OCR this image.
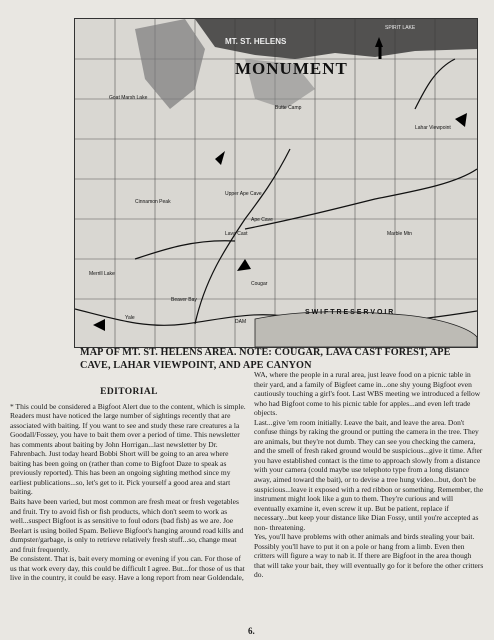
MT. ST. HELENS
MONUMENT
SPIRIT LAKE
Goat Marsh Lake
Butte Camp
Cinnamon Peak
Lava Cast
Upper Ape Cave
Ape Cave
Lahar Viewpoint
Marble Mtn
Beaver Bay
Merrill Lake
Cougar
Yale
DAM
S W I F T R E S E R V O I R
MAP OF MT. ST. HELENS AREA. NOTE: COUGAR, LAVA CAST FOREST, APE CAVE, LAHAR VIEWPOINT, AND APE CANYON
EDITORIAL

* This could be considered a Bigfoot Alert due to the content, which is simple. Readers must have noticed the large number of sightings recently that are associated with baiting. If you want to see and study these rare creatures a la Goodall/Fossey, you have to bait them over a period of time. This newsletter has comments about baiting by John Horrigan...last newsletter by Dr. Fahrenbach. Just today heard Bobbi Short will be going to an area where baiting has been going on (rather than come to Bigfoot Daze to speak as previously reported). This has been an ongoing sighting method since my earliest publications...so, let's get to it. Pick yourself a good area and start baiting.
Baits have been varied, but most common are fresh meat or fresh vegetables and fruit. Try to avoid fish or fish products, which don't seem to work as well...suspect Bigfoot is as sensitive to foul odors (bad fish) as we are. Joe Beelart is using boiled Spam. Believe Bigfoot's hanging around road kills and dumpster/garbage, is only to retrieve relatively fresh stuff...so, change meat and fruit frequently.
Be consistent. That is, bait every morning or evening if you can. For those of us that work every day, this could be difficult I agree. But...for those of us that live in the country, it could be easy. Have a long report from near Goldendale,

WA, where the people in a rural area, just leave food on a picnic table in their yard, and a family of Bigfeet came in...one shy young Bigfoot even cautiously touching a girl's foot. Last WBS meeting we introduced a fellow who had Bigfoot come to his picnic table for apples...and even left trade objects.
Last...give 'em room initially. Leave the bait, and leave the area. Don't confuse things by raking the ground or putting the camera in the tree. They are animals, but they're not dumb. They can see you checking the camera, and the smell of fresh raked ground would be suspicious...give it time. After you have established contact is the time to approach slowly from a distance with your camera (could maybe use telephoto type from a long distance away, aimed toward the bait), or to devise a tree hung video...but, don't be suspicious...leave it exposed with a red ribbon or something. Remember, the instrument might look like a gun to them. They're curious and will eventually examine it, even screw it up. But be patient, replace if necessary...but keep your distance like Dian Fossy, until you're accepted as non- threatening.
Yes, you'll have problems with other animals and birds stealing your bait. Possibly you'll have to put it on a pole or hang from a limb. Even then critters will figure a way to nab it. If there are Bigfoot in the area though that will take your bait, they will eventually go for it before the other critters do.

6.
